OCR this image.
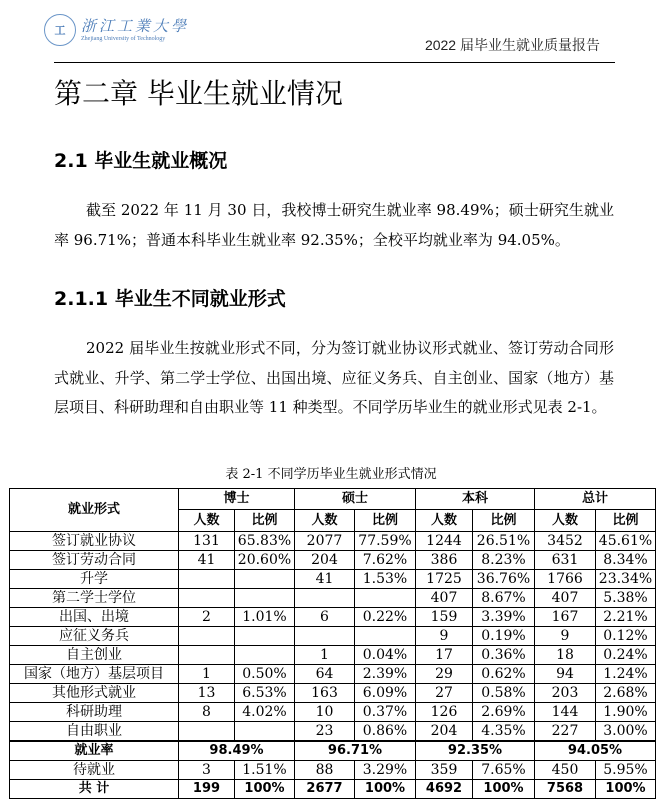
工	浙江工業大學
Zhejiang University of Technology	2022 届毕业生就业质量报告
第二章 毕业生就业情况
2.1 毕业生就业概况
截至 2022 年 11 月 30 日，我校博士研究生就业率 98.49%；硕士研究生就业率 96.71%；普通本科毕业生就业率 92.35%；全校平均就业率为 94.05%。
2.1.1 毕业生不同就业形式
2022 届毕业生按就业形式不同，分为签订就业协议形式就业、签订劳动合同形式就业、升学、第二学士学位、出国出境、应征义务兵、自主创业、国家（地方）基层项目、科研助理和自由职业等 11 种类型。不同学历毕业生的就业形式见表 2-1。
表 2-1 不同学历毕业生就业形式情况
就业形式	博士		硕士		本科		总计	
	人数	比例	人数	比例	人数	比例	人数	比例
签订就业协议	131	65.83%	2077	77.59%	1244	26.51%	3452	45.61%
签订劳动合同	41	20.60%	204	7.62%	386	8.23%	631	8.34%
升学			41	1.53%	1725	36.76%	1766	23.34%
第二学士学位					407	8.67%	407	5.38%
出国、出境	2	1.01%	6	0.22%	159	3.39%	167	2.21%
应征义务兵					9	0.19%	9	0.12%
自主创业			1	0.04%	17	0.36%	18	0.24%
国家（地方）基层项目	1	0.50%	64	2.39%	29	0.62%	94	1.24%
其他形式就业	13	6.53%	163	6.09%	27	0.58%	203	2.68%
科研助理	8	4.02%	10	0.37%	126	2.69%	144	1.90%
自由职业			23	0.86%	204	4.35%	227	3.00%
就业率	98.49%		96.71%		92.35%		94.05%	
待就业	3	1.51%	88	3.29%	359	7.65%	450	5.95%
共 计	199	100%	2677	100%	4692	100%	7568	100%
